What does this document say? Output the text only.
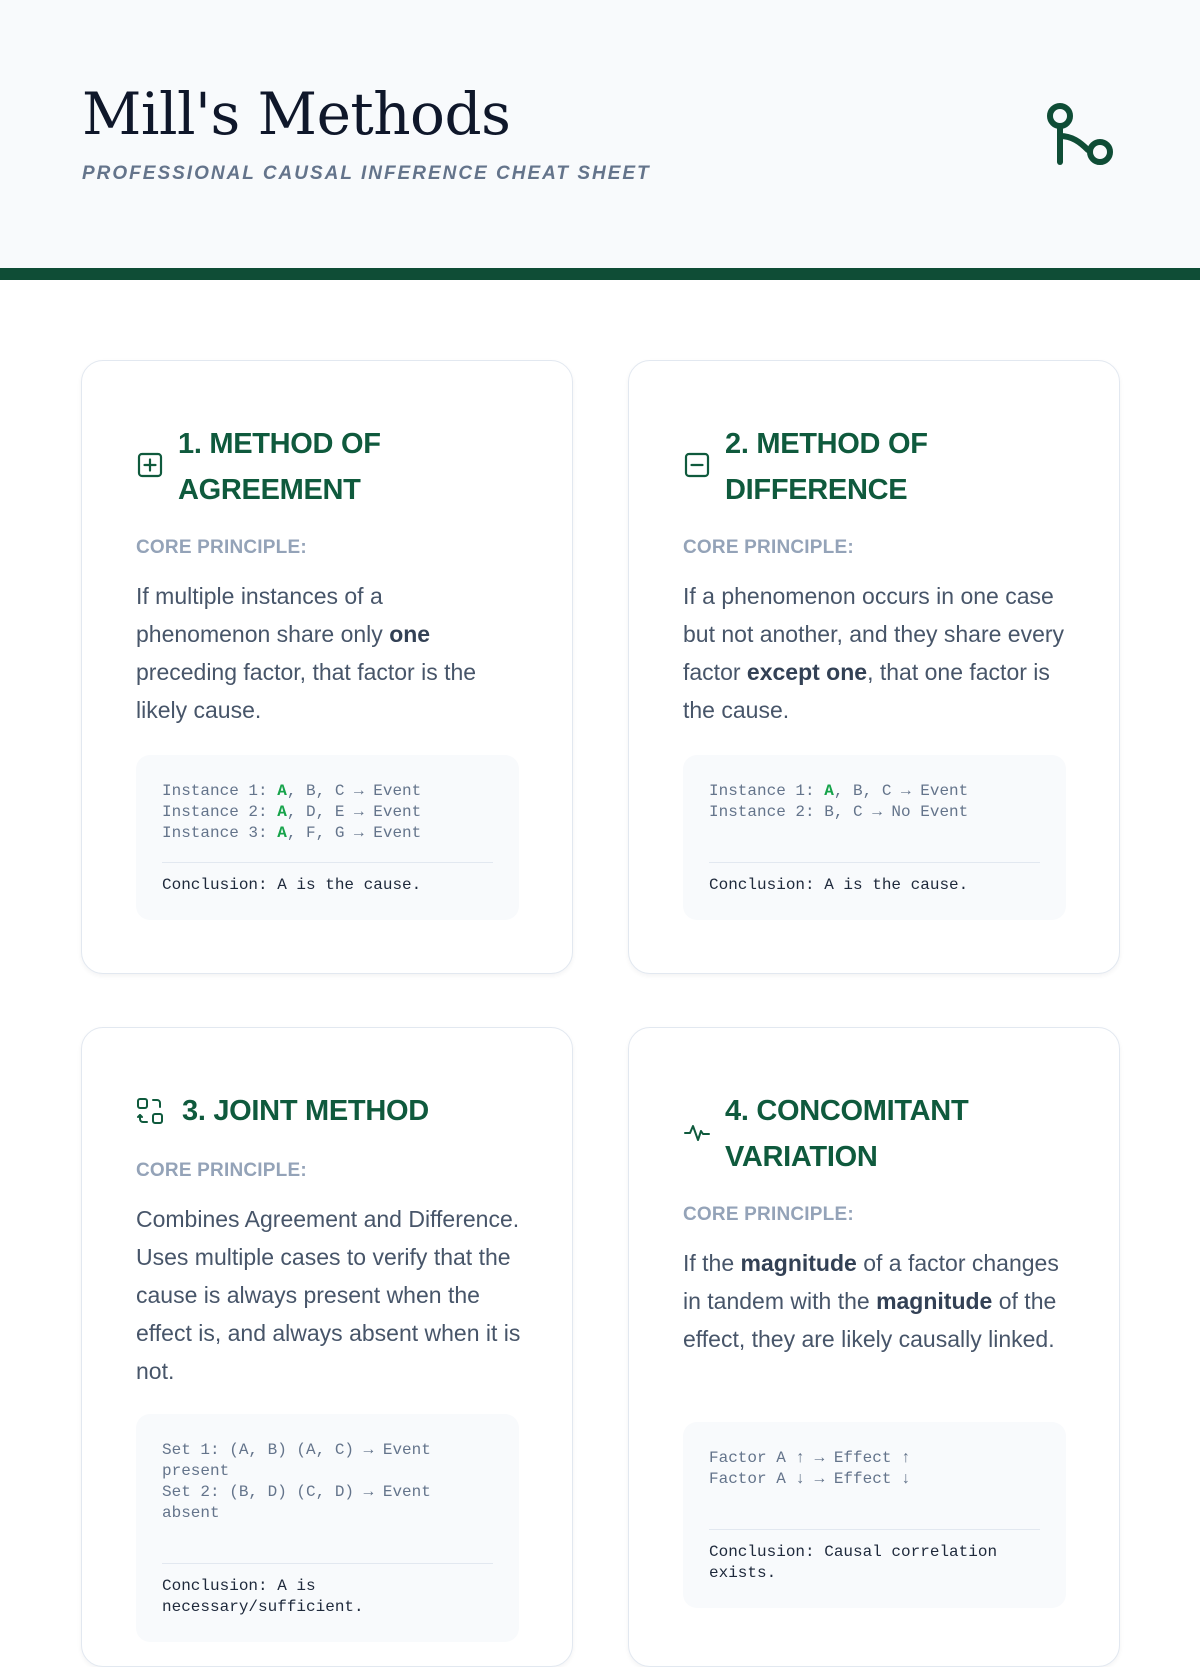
Mill's Methods
PROFESSIONAL CAUSAL INFERENCE CHEAT SHEET
1. METHOD OF AGREEMENT
CORE PRINCIPLE:
If multiple instances of a phenomenon share only one preceding factor, that factor is the likely cause.
Instance 1: A, B, C → Event
Instance 2: A, D, E → Event
Instance 3: A, F, G → Event
Conclusion: A is the cause.
2. METHOD OF DIFFERENCE
CORE PRINCIPLE:
If a phenomenon occurs in one case but not another, and they share every factor except one, that one factor is the cause.
Instance 1: A, B, C → Event
Instance 2: B, C → No Event
Conclusion: A is the cause.
3. JOINT METHOD
CORE PRINCIPLE:
Combines Agreement and Difference. Uses multiple cases to verify that the cause is always present when the effect is, and always absent when it is not.
Set 1: (A, B) (A, C) → Event present
Set 2: (B, D) (C, D) → Event absent
Conclusion: A is necessary/sufficient.
4. CONCOMITANT VARIATION
CORE PRINCIPLE:
If the magnitude of a factor changes in tandem with the magnitude of the effect, they are likely causally linked.
Factor A ↑ → Effect ↑
Factor A ↓ → Effect ↓
Conclusion: Causal correlation exists.
